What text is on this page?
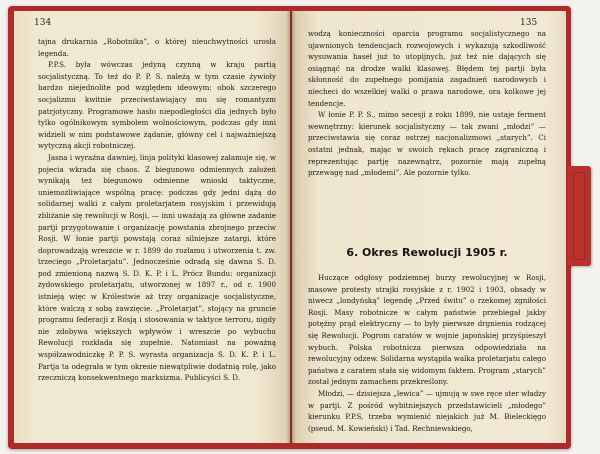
134	135

tajna drukarnia „Robotnika”, o której nieuchwytności urosła legenda.

P.P.S. była wówczas jedyną czynną w kraju partią socjalistyczną. To też do P. P. S. należą w tym czasie żywioły bardzo niejednolite pod względem ideowym: obok szczerego socjalizmu kwitnie przeciwstawiający mu się romantyzm patrjotyczny. Programowe hasło niepodległości dla jednych było tylko ogólnikowym symbolem wolnościowym, podczas gdy inni widzieli w nim podstawowe żądanie, główny cel i najważniejszą wytyczną akcji robotniczej.

Jasna i wyraźna dawniej, linja polityki klasowej załamuje się, w pojecia wkrada się chaos. Z biegunowo odmiennych założeń wynikają też biegunowo odmienne wnioski taktyczne, uniemożliwiające wspólną pracę: podczas gdy jedni dążą do solidarnej walki z całym proletarjatem rosyjskim i przewidują zbliżanie się rewolucji w Rosji, — inni uważają za główne zadanie partji przygotowanie i organizację powstania zbrojnego przeciw Rosji. W łonie partji powstają coraz silniejsze zatargi, które doprowadzają wreszcie w r. 1899 do rozłamu i utworzenia t. zw. trzeciego „Proletarjatu”. Jednocześnie odradą się dawna S. D. pod zmienioną nazwą S. D. K. P. i L. Prócz Bundu: organizacji żydowskiego proletarjatu, utworzonej w 1897 r., od r. 1900 istnieją więc w Królestwie aż trzy organizacje socjalistyczne, które walczą z sobą zawzięcie. „Proletarjat”, stojący na gruncie programu federacji z Rosją i stosowania w taktyce terroru, nigdy nie zdobywa większych wpływów i wreszcie po wybuchu Rewolucji rozkłada się zupełnie. Natomiast na poważną współzawodniczkę P. P. S. wyrasta organizacja S. D. K. P. i L. Partja ta odegrała w tym okresie niewątpliwie dodatnią rolę, jako rzeczniczą konsekwentnego marksizma. Publicyści S. D.

wodzą konieczności oparcia programu socjalistycznego na ujawnionych tendencjach rozwojowych i wykazują szkodliwość wysuwania haseł już to utopijnych, już też nie dających się osiągnąć na drodze walki klasowej. Błędem tej partji była skłonność do zupełnego pomijania zagadnień narodowych i niecheci do wszelkiej walki o prawa narodowe, ora kolkowe jej tendencje.

W łonie P. P. S., mimo secesji z roku 1899, nie ustaje ferment wewnętrzny: kierunek socjalistyczny — tak zwani „młodzi” — przeciwstawia się coraz ostrzej nacjonalizmowi „starych”. Ci ostatni jednak, mając w swoich rękach pracę zagraniczną i reprezentując partję nazewnątrz, pozornie mają zupełną przewagę nad „młodemi”. Ale pozornie tylko.

6. Okres Rewolucji 1905 r.

Huczące odgłosy podziemnej burzy rewolucyjnej w Rosji, masowe protesty strajki rosyjskie z r. 1902 i 1903, obsady w niwecz „londyńską” legendę „Przed świtu” o rzekomej zgniłości Rosji. Masy robotnicze w całym państwie przebiegał jakby potężny prąd elektryczny — to były pierwsze drgnienia rodzącej się Rewolucji. Pogrom caratów w wojnie japońskiej przyśpieszył wybuch. Polska robotnicza pierwsza odpowiedziała na rewolucyjny odzew. Solidarna wystąpiła walka proletarjatu całego państwa z caratem stała się widomym faktem. Program „starych” został jednym zamachem przekreślony.

Młodzi, — dzisiejsza „lewica” — ujmują w swe ręce ster władzy w partji. Z pośród wybitniejszych przedstawicieli „młodego” kierunku P.P.S, trzeba wymienić niejakich już M. Bieleckięgo (pseud. M. Kowieński) i Tad. Rechniewskiego,
